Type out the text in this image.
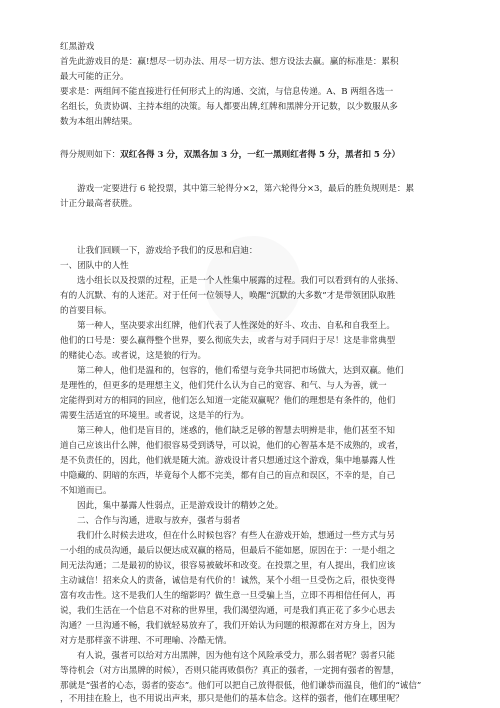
红黑游戏

首先此游戏目的是：赢!想尽一切办法、用尽一切方法、想方设法去赢。赢的标准是：累积

最大可能的正分。

要求是：两组间不能直接进行任何形式上的沟通、交流，与信息传递。A、B 两组各选一

名组长，负责协调、主持本组的决策。每人都要出牌,红牌和黑牌分开记数，以少数服从多

数为本组出牌结果。

得分规则如下：双红各得 3 分，双黑各加 3 分，一红一黑则红者得 5 分，黑者扣 5 分）

游戏一定要进行 6 轮投票，其中第三轮得分×2，第六轮得分×3，最后的胜负规则是：累

计正分最高者获胜。

让我们回顾一下，游戏给予我们的反思和启迪：

一、团队中的人性

选小组长以及投票的过程，正是一个人性集中展露的过程。我们可以看到有的人张扬、

有的人沉默、有的人迷茫。对于任何一位领导人，唤醒“沉默的大多数”才是带领团队取胜

的首要目标。

第一种人，坚决要求出红牌，他们代表了人性深处的好斗、攻击、自私和自我至上。

他们的口号是：要么赢得整个世界，要么彻底失去，或者与对手同归于尽！这是非常典型

的赌徒心态。或者说，这是狼的行为。

第二种人，他们是温和的，包容的，他们希望与竞争共同把市场做大，达到双赢。他们

是理性的，但更多的是理想主义，他们凭什么认为自己的宽容、和气、与人为善，就一

定能得到对方的相同的回应，他们怎么知道一定能双赢呢？他们的理想是有条件的，他们

需要生活适宜的环境里。或者说，这是羊的行为。

第三种人，他们是盲目的，迷惑的，他们缺乏足够的智慧去明辨是非，他们甚至不知

道自己应该出什么牌，他们很容易受到诱导，可以说，他们的心智基本是不成熟的，或者，

是不负责任的，因此，他们就是随大流。游戏设计者只想通过这个游戏，集中地暴露人性

中隐藏的、阴暗的东西，毕竟每个人都不完美，都有自己的盲点和误区，不幸的是，自己

不知道而已。

因此，集中暴露人性弱点，正是游戏设计的精妙之处。

二、合作与沟通，进取与放弃，强者与弱者

我们什么时候去进攻，但在什么时候包容？有些人在游戏开始，想通过一些方式与另

一小组的成员沟通，最后以便达成双赢的格局，但最后不能如愿，原因在于：一是小组之

间无法沟通；二是最初的协议，很容易被破坏和改变。在投票之里，有人提出，我们应该

主动诚信！招来众人的责备，诚信是有代价的！诚然，某个小组一旦受伤之后，很快变得

富有攻击性。这不是我们人生的缩影吗？做生意一旦受骗上当，立即不再相信任何人，再

说，我们生活在一个信息不对称的世界里，我们渴望沟通，可是我们真正花了多少心思去

沟通？一旦沟通不畅，我们就轻易放弃了，我们开始认为问题的根源都在对方身上，因为

对方是那样蛮不讲理、不可理喻、冷酷无情。

有人说，强者可以给对方出黑牌，因为他有这个风险承受力，那么弱者呢？弱者只能

等待机会（对方出黑牌的时候），否则只能再败俱伤？真正的强者，一定拥有强者的智慧，

那就是“强者的心态，弱者的姿态”。他们可以把自己放得很低，他们谦恭而温良，他们的“诚信”

，不用挂在脸上，也不用说出声来，那只是他们的基本信念。这样的强者，他们在哪里呢？
